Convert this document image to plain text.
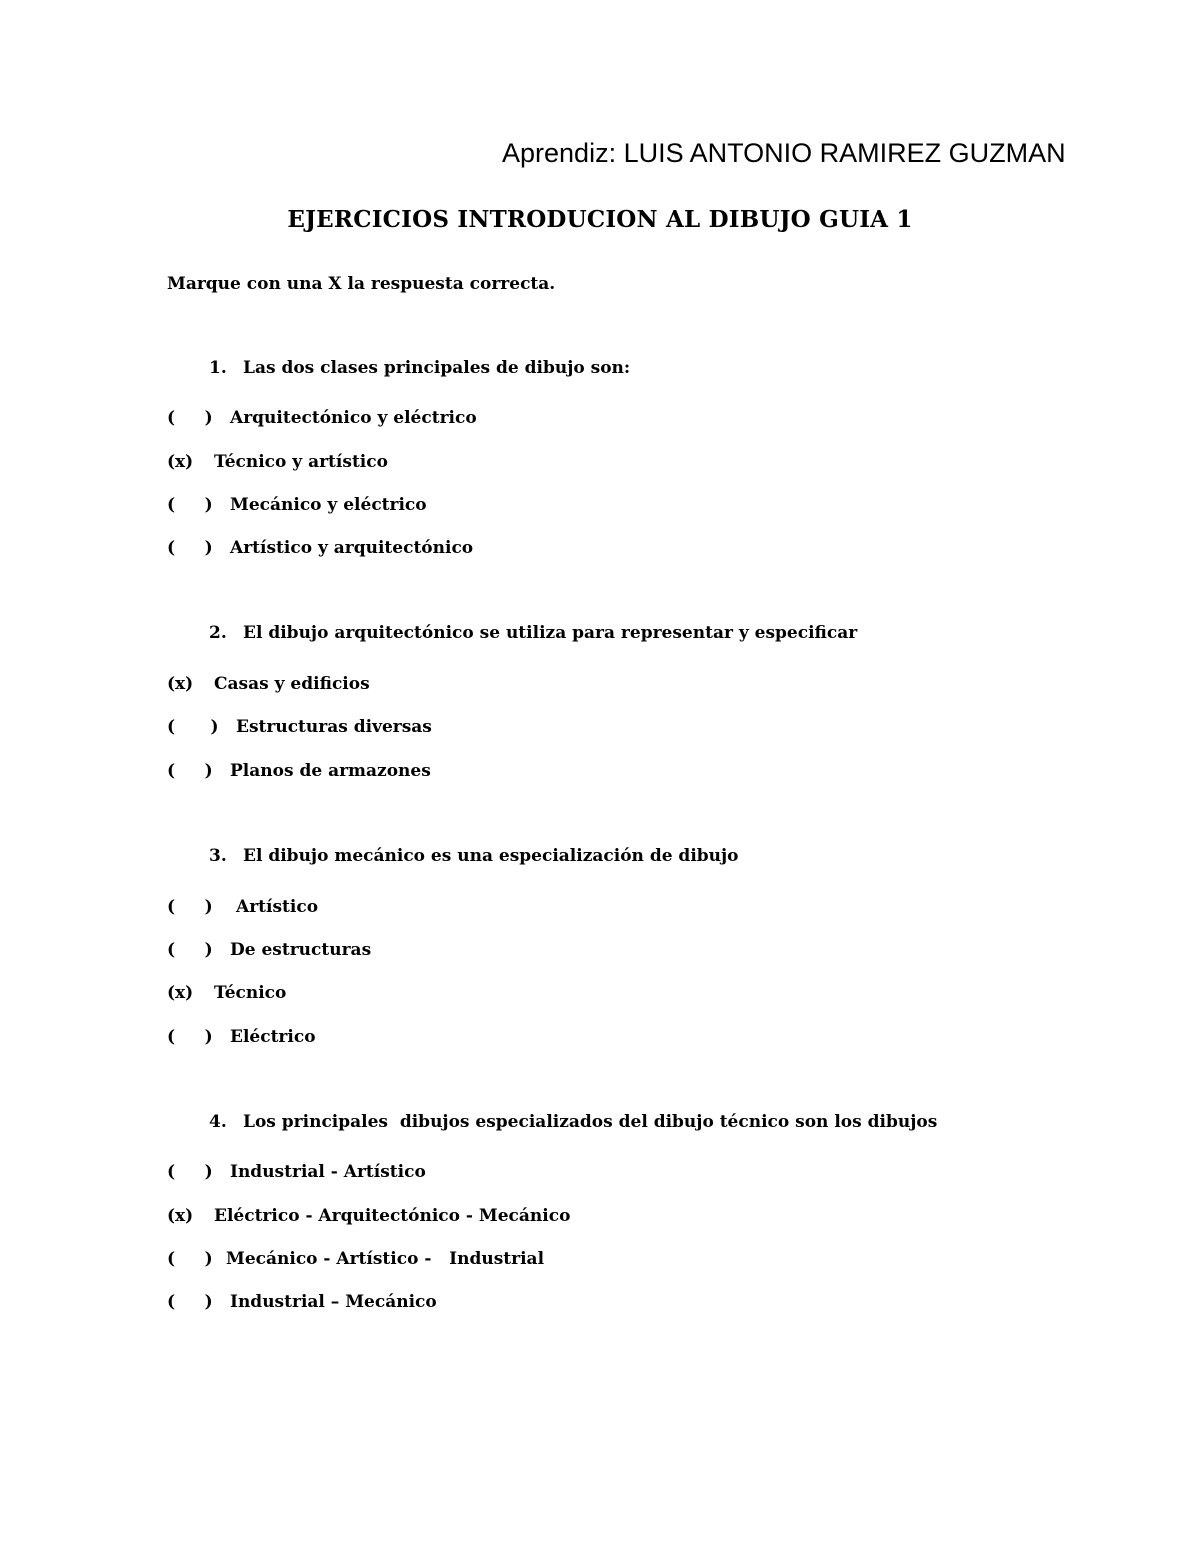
Aprendiz: LUIS ANTONIO RAMIREZ GUZMAN

EJERCICIOS INTRODUCION AL DIBUJO GUIA 1

Marque con una X la respuesta correcta.

1. Las dos clases principales de dibujo son:
(     ) Arquitectónico y eléctrico
(x) Técnico y artístico
(     ) Mecánico y eléctrico
(     ) Artístico y arquitectónico
2. El dibujo arquitectónico se utiliza para representar y especificar
(x) Casas y edificios
(      ) Estructuras diversas
(     ) Planos de armazones
3. El dibujo mecánico es una especialización de dibujo
(     ) Artístico
(     ) De estructuras
(x) Técnico
(     ) Eléctrico
4. Los principales  dibujos especializados del dibujo técnico son los dibujos
(     ) Industrial - Artístico
(x) Eléctrico - Arquitectónico - Mecánico
(     ) Mecánico - Artístico -   Industrial
(     ) Industrial – Mecánico
